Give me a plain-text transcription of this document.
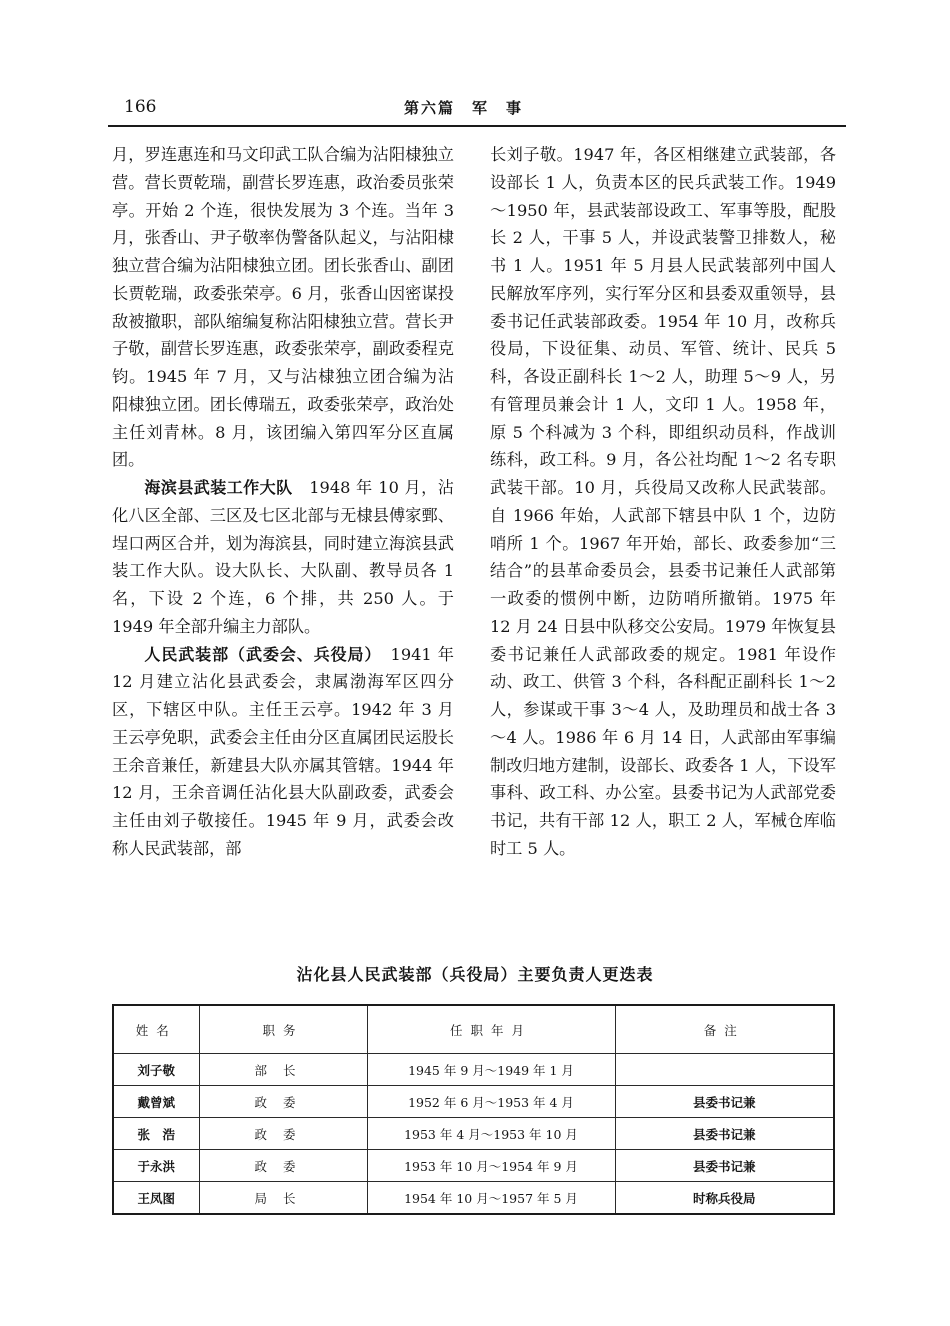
166	第六篇　军　事

月，罗连惠连和马文印武工队合编为沾阳棣独立营。营长贾乾瑞，副营长罗连惠，政治委员张荣亭。开始 2 个连，很快发展为 3 个连。当年 3 月，张香山、尹子敬率伪警备队起义，与沾阳棣独立营合编为沾阳棣独立团。团长张香山、副团长贾乾瑞，政委张荣亭。6 月，张香山因密谋投敌被撤职，部队缩编复称沾阳棣独立营。营长尹子敬，副营长罗连惠，政委张荣亭，副政委程克钧。1945 年 7 月，又与沾棣独立团合编为沾阳棣独立团。团长傅瑞五，政委张荣亭，政治处主任刘青林。8 月，该团编入第四军分区直属团。

海滨县武装工作大队　1948 年 10 月，沾化八区全部、三区及七区北部与无棣县傅家鄄、埕口两区合并，划为海滨县，同时建立海滨县武装工作大队。设大队长、大队副、教导员各 1 名，下设 2 个连，6 个排，共 250 人。于 1949 年全部升编主力部队。

人民武装部（武委会、兵役局）　1941 年 12 月建立沾化县武委会，隶属渤海军区四分区，下辖区中队。主任王云亭。1942 年 3 月王云亭免职，武委会主任由分区直属团民运股长王余音兼任，新建县大队亦属其管辖。1944 年 12 月，王余音调任沾化县大队副政委，武委会主任由刘子敬接任。1945 年 9 月，武委会改称人民武装部，部

长刘子敬。1947 年，各区相继建立武装部，各设部长 1 人，负责本区的民兵武装工作。1949～1950 年，县武装部设政工、军事等股，配股长 2 人，干事 5 人，并设武装警卫排数人，秘书 1 人。1951 年 5 月县人民武装部列中国人民解放军序列，实行军分区和县委双重领导，县委书记任武装部政委。1954 年 10 月，改称兵役局，下设征集、动员、军管、统计、民兵 5 科，各设正副科长 1～2 人，助理 5～9 人，另有管理员兼会计 1 人，文印 1 人。1958 年，原 5 个科减为 3 个科，即组织动员科，作战训练科，政工科。9 月，各公社均配 1～2 名专职武装干部。10 月，兵役局又改称人民武装部。自 1966 年始，人武部下辖县中队 1 个，边防哨所 1 个。1967 年开始，部长、政委参加“三结合”的县革命委员会，县委书记兼任人武部第一政委的惯例中断，边防哨所撤销。1975 年 12 月 24 日县中队移交公安局。1979 年恢复县委书记兼任人武部政委的规定。1981 年设作动、政工、供管 3 个科，各科配正副科长 1～2 人，参谋或干事 3～4 人，及助理员和战士各 3～4 人。1986 年 6 月 14 日，人武部由军事编制改归地方建制，设部长、政委各 1 人，下设军事科、政工科、办公室。县委书记为人武部党委书记，共有干部 12 人，职工 2 人，军械仓库临时工 5 人。

沾化县人民武装部（兵役局）主要负责人更迭表
姓名	职务	任职年月	备注
刘子敬	部长	1945 年 9 月～1949 年 1 月	
戴曾斌	政委	1952 年 6 月～1953 年 4 月	县委书记兼
张　浩	政委	1953 年 4 月～1953 年 10 月	县委书记兼
于永洪	政委	1953 年 10 月～1954 年 9 月	县委书记兼
王凤图	局长	1954 年 10 月～1957 年 5 月	时称兵役局
